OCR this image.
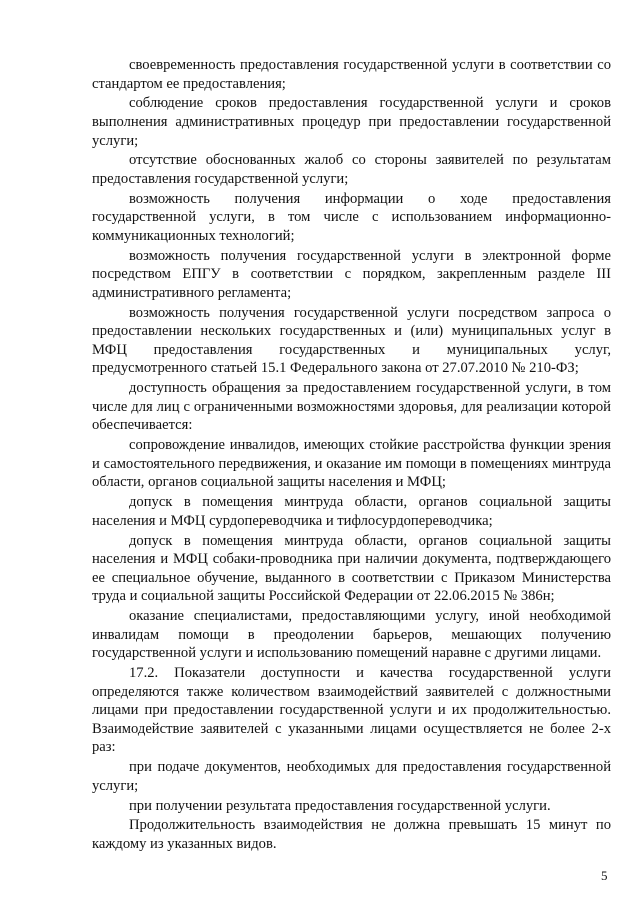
своевременность предоставления государственной услуги в соответствии со стандартом ее предоставления;

соблюдение сроков предоставления государственной услуги и сроков выполнения административных процедур при предоставлении государственной услуги;

отсутствие обоснованных жалоб со стороны заявителей по результатам предоставления государственной услуги;

возможность получения информации о ходе предоставления государственной услуги, в том числе с использованием информационно-коммуникационных технологий;

возможность получения государственной услуги в электронной форме посредством ЕПГУ в соответствии с порядком, закрепленным разделе III административного регламента;

возможность получения государственной услуги посредством запроса о предоставлении нескольких государственных и (или) муниципальных услуг в МФЦ предоставления государственных и муниципальных услуг, предусмотренного статьей 15.1 Федерального закона от 27.07.2010 № 210-ФЗ;

доступность обращения за предоставлением государственной услуги, в том числе для лиц с ограниченными возможностями здоровья, для реализации которой обеспечивается:

сопровождение инвалидов, имеющих стойкие расстройства функции зрения и самостоятельного передвижения, и оказание им помощи в помещениях минтруда области, органов социальной защиты населения и МФЦ;

допуск в помещения минтруда области, органов социальной защиты населения и МФЦ сурдопереводчика и тифлосурдопереводчика;

допуск в помещения минтруда области, органов социальной защиты населения и МФЦ собаки-проводника при наличии документа, подтверждающего ее специальное обучение, выданного в соответствии с Приказом Министерства труда и социальной защиты Российской Федерации от 22.06.2015 № 386н;

оказание специалистами, предоставляющими услугу, иной необходимой инвалидам помощи в преодолении барьеров, мешающих получению государственной услуги и использованию помещений наравне с другими лицами.

17.2. Показатели доступности и качества государственной услуги определяются также количеством взаимодействий заявителей с должностными лицами при предоставлении государственной услуги и их продолжительностью. Взаимодействие заявителей с указанными лицами осуществляется не более 2-х раз:

при подаче документов, необходимых для предоставления государственной услуги;

при получении результата предоставления государственной услуги.

Продолжительность взаимодействия не должна превышать 15 минут по каждому из указанных видов.

5
